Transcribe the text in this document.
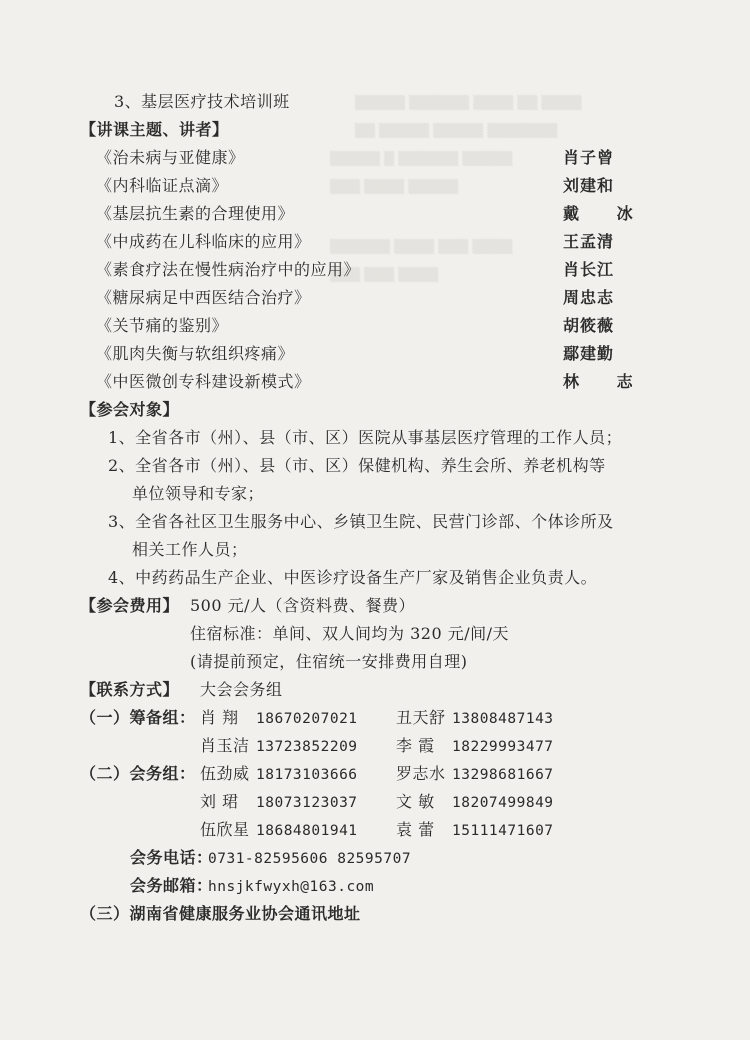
▒▒▒▒▒ ▒▒▒▒▒▒ ▒▒▒▒ ▒▒ ▒▒▒▒
▒▒ ▒▒▒▒▒ ▒▒▒▒▒ ▒▒▒▒▒▒▒
▒▒▒▒▒ ▒ ▒▒▒▒▒▒ ▒▒▒▒▒
▒▒▒ ▒▒▒▒ ▒▒▒▒▒
▒▒▒▒▒▒ ▒▒▒▒ ▒▒▒ ▒▒▒▒
▒▒▒ ▒▒▒ ▒▒▒▒
3、基层医疗技术培训班
【讲课主题、讲者】
《治未病与亚健康》	肖子曾
《内科临证点滴》	刘建和
《基层抗生素的合理使用》	戴 冰
《中成药在儿科临床的应用》	王孟清
《素食疗法在慢性病治疗中的应用》	肖长江
《糖尿病足中西医结合治疗》	周忠志
《关节痛的鉴别》	胡筱薇
《肌肉失衡与软组织疼痛》	鄢建勤
《中医微创专科建设新模式》	林 志
【参会对象】
1、全省各市（州）、县（市、区）医院从事基层医疗管理的工作人员；
2、全省各市（州）、县（市、区）保健机构、养生会所、养老机构等
单位领导和专家；
3、全省各社区卫生服务中心、乡镇卫生院、民营门诊部、个体诊所及
相关工作人员；
4、中药药品生产企业、中医诊疗设备生产厂家及销售企业负责人。
【参会费用】 500 元/人（含资料费、餐费）
住宿标准：单间、双人间均为 320 元/间/天
(请提前预定，住宿统一安排费用自理)
【联系方式】 大会会务组
（一）筹备组： 肖 翔 18670207021 丑天舒 13808487143
肖玉洁 13723852209 李 霞 18229993477
（二）会务组： 伍劲威 18173103666 罗志水 13298681667
刘 珺 18073123037 文 敏 18207499849
伍欣星 18684801941 袁 蕾 15111471607
会务电话：
0731-82595606 82595707
会务邮箱：
hnsjkfwyxh@163.com
（三）湖南省健康服务业协会通讯地址
